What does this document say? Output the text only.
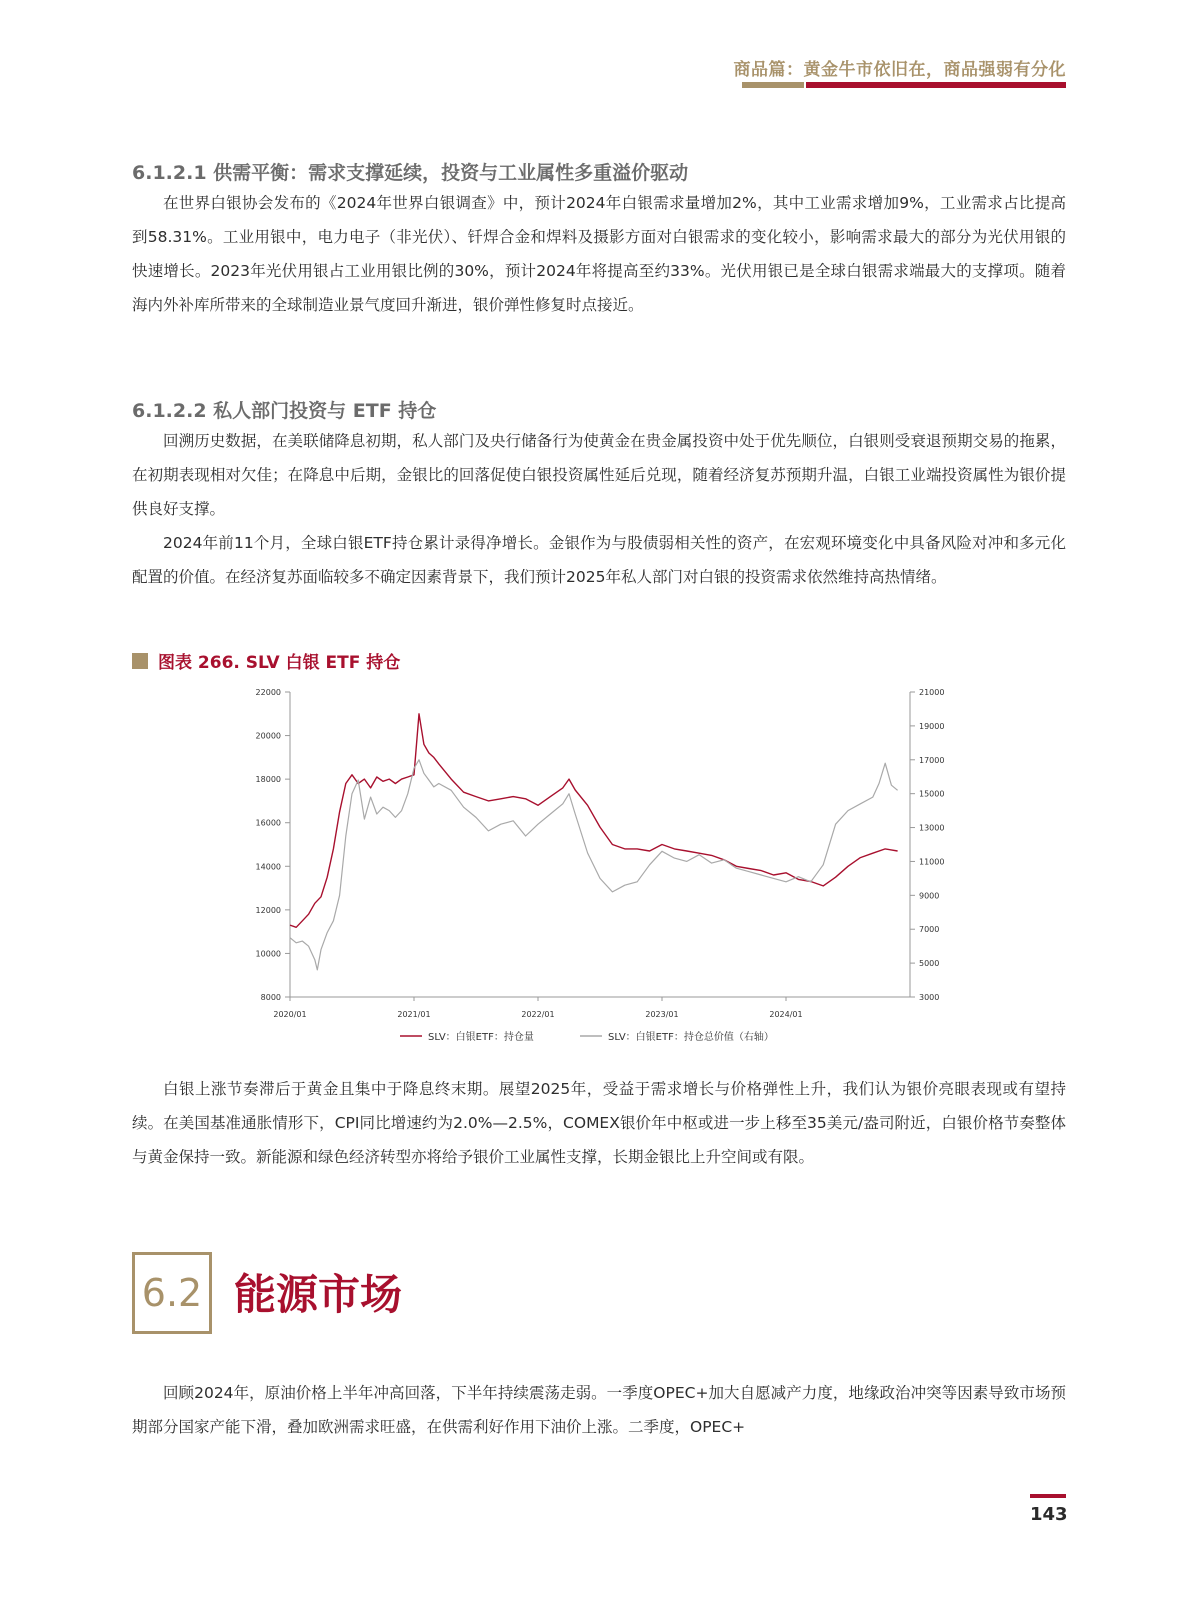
商品篇：黄金牛市依旧在，商品强弱有分化
6.1.2.1 供需平衡：需求支撑延续，投资与工业属性多重溢价驱动
在世界白银协会发布的《2024年世界白银调查》中，预计2024年白银需求量增加2%，其中工业需求增加9%，工业需求占比提高到58.31%。工业用银中，电力电子（非光伏）、钎焊合金和焊料及摄影方面对白银需求的变化较小，影响需求最大的部分为光伏用银的快速增长。2023年光伏用银占工业用银比例的30%，预计2024年将提高至约33%。光伏用银已是全球白银需求端最大的支撑项。随着海内外补库所带来的全球制造业景气度回升渐进，银价弹性修复时点接近。
6.1.2.2 私人部门投资与 ETF 持仓
回溯历史数据，在美联储降息初期，私人部门及央行储备行为使黄金在贵金属投资中处于优先顺位，白银则受衰退预期交易的拖累，在初期表现相对欠佳；在降息中后期，金银比的回落促使白银投资属性延后兑现，随着经济复苏预期升温，白银工业端投资属性为银价提供良好支撑。
2024年前11个月，全球白银ETF持仓累计录得净增长。金银作为与股债弱相关性的资产，在宏观环境变化中具备风险对冲和多元化配置的价值。在经济复苏面临较多不确定因素背景下，我们预计2025年私人部门对白银的投资需求依然维持高热情绪。
图表 266. SLV 白银 ETF 持仓
22000
20000
18000
16000
14000
12000
10000
8000
21000
19000
17000
15000
13000
11000
9000
7000
5000
3000
2020/01	2021/01	2022/01	2023/01	2024/01
SLV：白银ETF：持仓量	SLV：白银ETF：持仓总价值（右轴）
白银上涨节奏滞后于黄金且集中于降息终末期。展望2025年，受益于需求增长与价格弹性上升，我们认为银价亮眼表现或有望持续。在美国基准通胀情形下，CPI同比增速约为2.0%—2.5%，COMEX银价年中枢或进一步上移至35美元/盎司附近，白银价格节奏整体与黄金保持一致。新能源和绿色经济转型亦将给予银价工业属性支撑，长期金银比上升空间或有限。
6.2 能源市场
回顾2024年，原油价格上半年冲高回落，下半年持续震荡走弱。一季度OPEC+加大自愿减产力度，地缘政治冲突等因素导致市场预期部分国家产能下滑，叠加欧洲需求旺盛，在供需利好作用下油价上涨。二季度，OPEC+
143
